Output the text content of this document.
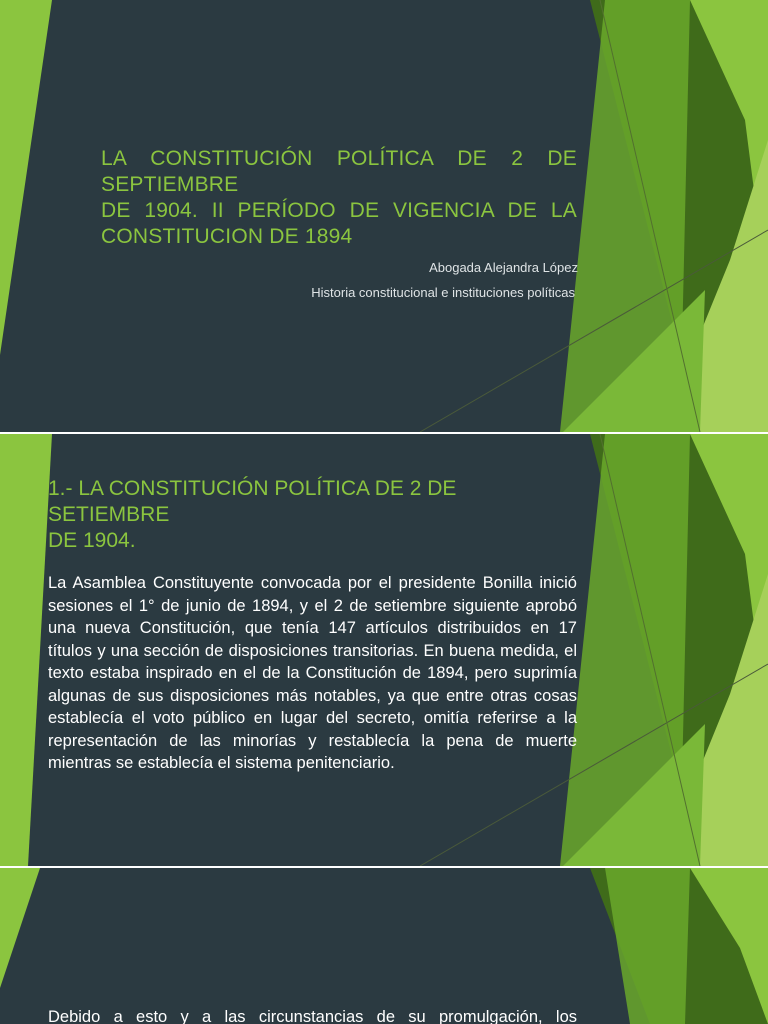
LA CONSTITUCIÓN POLÍTICA DE 2 DE
SEPTIEMBRE
DE 1904. II PERÍODO DE VIGENCIA DE LA
CONSTITUCION DE 1894

Abogada Alejandra López

Historia constitucional e instituciones políticas

1.- LA CONSTITUCIÓN POLÍTICA DE 2 DE
SETIEMBRE
DE 1904.

La Asamblea Constituyente convocada por el presidente Bonilla inició sesiones el 1° de junio de 1894, y el 2 de setiembre siguiente aprobó una nueva Constitución, que tenía 147 artículos distribuidos en 17 títulos y una sección de disposiciones transitorias. En buena medida, el texto estaba inspirado en el de la Constitución de 1894, pero suprimía algunas de sus disposiciones más notables, ya que entre otras cosas establecía el voto público en lugar del secreto, omitía referirse a la representación de las minorías y restablecía la pena de muerte mientras se establecía el sistema penitenciario.

Debido a esto y a las circunstancias de su promulgación, los
